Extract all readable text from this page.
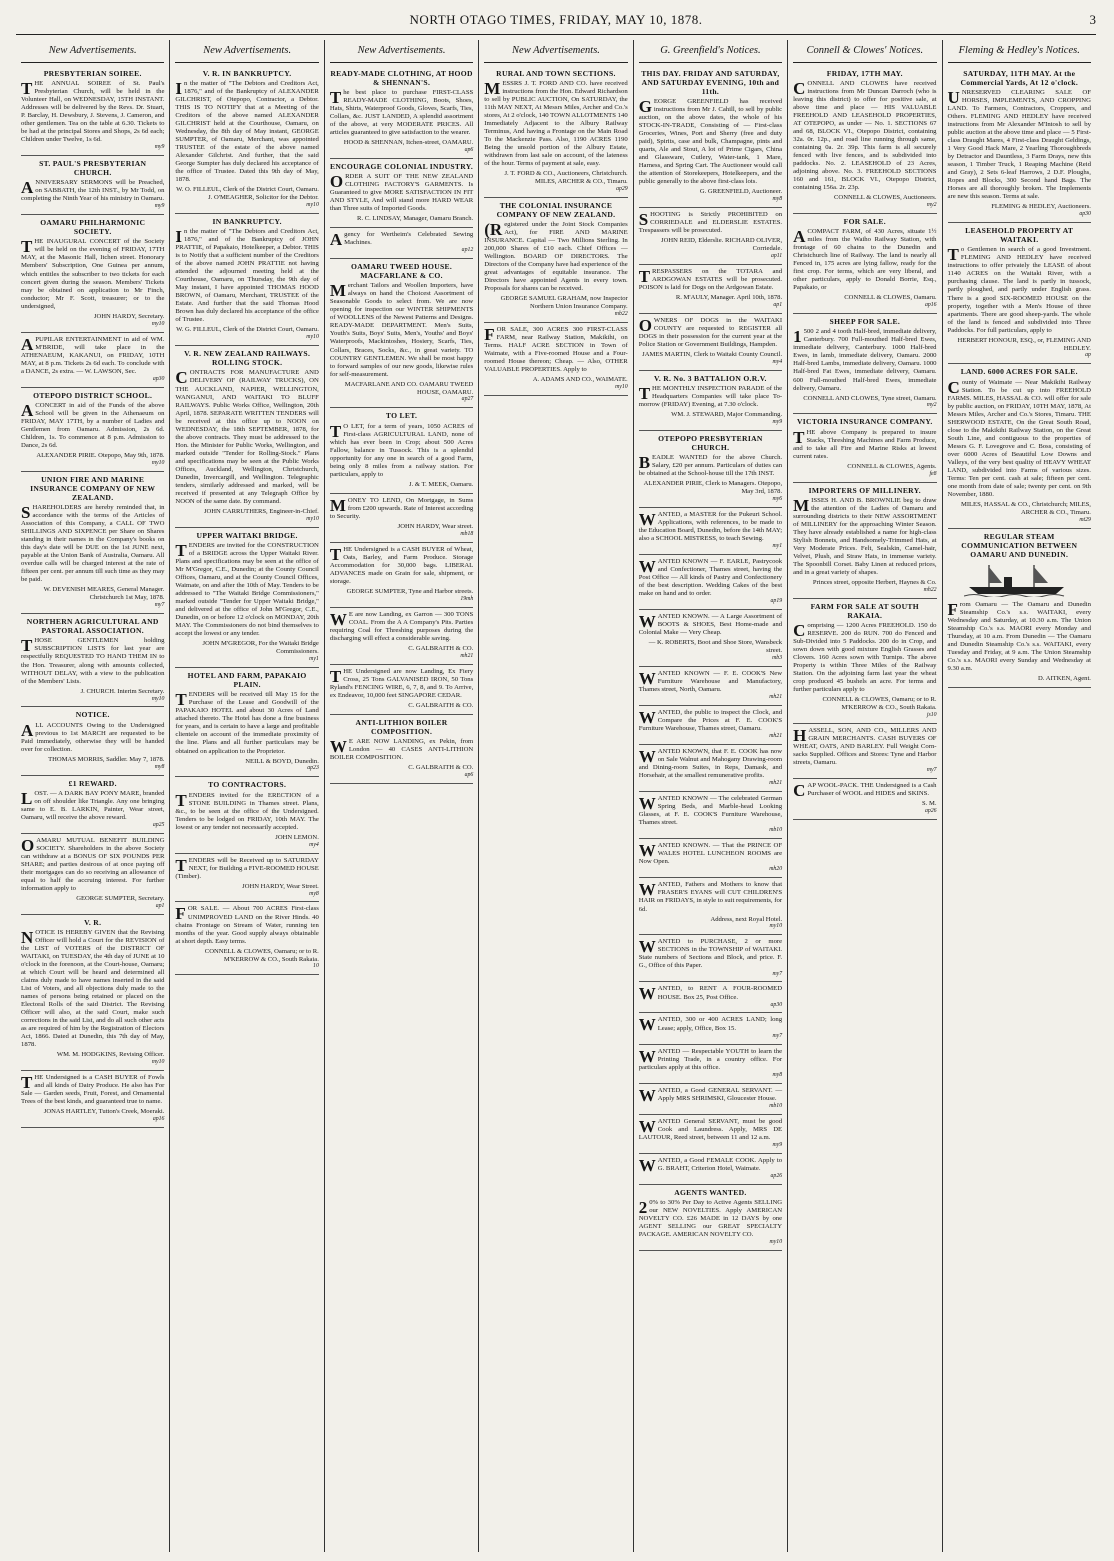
NORTH OTAGO TIMES, FRIDAY, MAY 10, 1878.	3
New Advertisements.
PRESBYTERIAN SOIREE.
THE ANNUAL SOIREE of St. Paul's Presbyterian Church, will be held in the Volunteer Hall, on WEDNESDAY, 15TH INSTANT. Addresses will be delivered by the Revs. Dr. Stuart, P. Barclay, H. Dewsbury, J. Stevens, J. Cameron, and other gentlemen. Tea on the table at 6.30. Tickets to be had at the principal Stores and Shops, 2s 6d each; Children under Twelve, 1s 6d.
my9
ST. PAUL'S PRESBYTERIAN CHURCH.
ANNIVERSARY SERMONS will be Preached, on SABBATH, the 12th INST., by Mr Todd, on completing the Ninth Year of his ministry in Oamaru.
my9
OAMARU PHILHARMONIC SOCIETY.
THE INAUGURAL CONCERT of the Society will be held on the evening of FRIDAY, 17TH MAY, at the Masonic Hall, Itchen street. Honorary Members' Subscription, One Guinea per annum, which entitles the subscriber to two tickets for each concert given during the season. Members' Tickets may be obtained on application to Mr Finch, conductor; Mr F. Scott, treasurer; or to the undersigned,
JOHN HARDY, Secretary.
my10
APUPILAR ENTERTAINMENT in aid of WM. M'BRIDE, will take place in the ATHENAEUM, KAKANUI, on FRIDAY, 10TH MAY, at 8 p.m. Tickets 2s 6d each. To conclude with a DANCE, 2s extra. — W. LAWSON, Sec.
ap30
OTEPOPO DISTRICT SCHOOL.
ACONCERT in aid of the Funds of the above School will be given in the Athenaeum on FRIDAY, MAY 17TH, by a number of Ladies and Gentlemen from Oamaru. Admission, 2s 6d. Children, 1s. To commence at 8 p.m. Admission to Dance, 2s 6d.
ALEXANDER PIRIE. Otepopo, May 9th, 1878.
my10
UNION FIRE AND MARINE INSURANCE COMPANY OF NEW ZEALAND.
SHAREHOLDERS are hereby reminded that, in accordance with the terms of the Articles of Association of this Company, a CALL OF TWO SHILLINGS AND SIXPENCE per Share on Shares standing in their names in the Company's books on this day's date will be DUE on the 1st JUNE next, payable at the Union Bank of Australia, Oamaru. All overdue calls will be charged interest at the rate of fifteen per cent. per annum till such time as they may be paid.
W. DEVENISH MEARES, General Manager. Christchurch 1st May, 1878.
my7
NORTHERN AGRICULTURAL AND PASTORAL ASSOCIATION.
THOSE GENTLEMEN holding SUBSCRIPTION LISTS for last year are respectfully REQUESTED TO HAND THEM IN to the Hon. Treasurer, along with amounts collected, WITHOUT DELAY, with a view to the publication of the Members' Lists.
J. CHURCH. Interim Secretary.
my10
NOTICE.
ALL ACCOUNTS Owing to the Undersigned previous to 1st MARCH are requested to be Paid immediately, otherwise they will be handed over for collection.
THOMAS MORRIS, Saddler. May 7, 1878.
my8
£1 REWARD.
LOST. — A DARK BAY PONY MARE, branded on off shoulder like Triangle. Any one bringing same to E. B. LARKIN, Painter, Wear street, Oamaru, will receive the above reward.
ap25
OAMARU MUTUAL BENEFIT BUILDING SOCIETY. Shareholders in the above Society can withdraw at a BONUS OF SIX POUNDS PER SHARE; and parties desirous of at once paying off their mortgages can do so receiving an allowance of equal to half the accruing interest. For further information apply to
GEORGE SUMPTER, Secretary.
ap1
V. R.
NOTICE IS HEREBY GIVEN that the Revising Officer will hold a Court for the REVISION of the LIST of VOTERS of the DISTRICT OF WAITAKI, on TUESDAY, the 4th day of JUNE at 10 o'clock in the forenoon, at the Court-house, Oamaru; at which Court will be heard and determined all claims duly made to have names inserted in the said List of Voters, and all objections duly made to the names of persons being retained or placed on the Electoral Rolls of the said District. The Revising Officer will also, at the said Court, make such corrections in the said List, and do all such other acts as are required of him by the Registration of Electors Act, 1866. Dated at Dunedin, this 7th day of May, 1878.
WM. M. HODGKINS, Revising Officer.
my10
THE Undersigned is a CASH BUYER of Fowls and all kinds of Dairy Produce. He also has For Sale — Garden seeds, Fruit, Forest, and Ornamental Trees of the best kinds, and guaranteed true to name.
JONAS HARTLEY, Tutton's Creek, Moeraki.
ap16
New Advertisements.
V. R. IN BANKRUPTCY.
In the matter of "The Debtors and Creditors Act, 1876," and of the Bankruptcy of ALEXANDER GILCHRIST, of Otepopo, Contractor, a Debtor. THIS IS TO NOTIFY that at a Meeting of the Creditors of the above named ALEXANDER GILCHRIST held at the Courthouse, Oamaru, on Wednesday, the 8th day of May instant, GEORGE SUMPTER, of Oamaru, Merchant, was appointed TRUSTEE of the estate of the above named Alexander Gilchrist. And further, that the said George Sumpter has duly declared his acceptance of the office of Trustee. Dated this 9th day of May, 1878.
W. O. FILLEUL, Clerk of the District Court, Oamaru. J. O'MEAGHER, Solicitor for the Debtor.
my10
IN BANKRUPTCY.
In the matter of "The Debtors and Creditors Act, 1876," and of the Bankruptcy of JOHN PRATTIE, of Papakaio, Hotelkeeper, a Debtor. THIS is to Notify that a sufficient number of the Creditors of the above named JOHN PRATTIE not having attended the adjourned meeting held at the Courthouse, Oamaru, on Thursday, the 9th day of May instant, I have appointed THOMAS HOOD BROWN, of Oamaru, Merchant, TRUSTEE of the Estate. And further that the said Thomas Hood Brown has duly declared his acceptance of the office of Trustee.
W. G. FILLEUL, Clerk of the District Court, Oamaru.
my10
V. R. NEW ZEALAND RAILWAYS. ROLLING STOCK.
CONTRACTS FOR MANUFACTURE AND DELIVERY OF (RAILWAY TRUCKS), ON THE AUCKLAND, NAPIER, WELLINGTON, WANGANUI, AND WAITAKI TO BLUFF RAILWAYS. Public Works Office, Wellington, 20th April, 1878. SEPARATE WRITTEN TENDERS will be received at this office up to NOON on WEDNESDAY, the 18th SEPTEMBER, 1878, for the above contracts. They must be addressed to the Hon. the Minister for Public Works, Wellington, and marked outside "Tender for Rolling-Stock." Plans and specifications may be seen at the Public Works Offices, Auckland, Wellington, Christchurch, Dunedin, Invercargill, and Wellington. Telegraphic tenders, similarly addressed and marked, will be received if presented at any Telegraph Office by NOON of the same date. By command.
JOHN CARRUTHERS, Engineer-in-Chief.
my10
UPPER WAITAKI BRIDGE.
TENDERS are invited for the CONSTRUCTION of a BRIDGE across the Upper Waitaki River. Plans and specifications may be seen at the office of Mr M'Gregor, C.E., Dunedin; at the County Council Offices, Oamaru, and at the County Council Offices, Waimate, on and after the 10th of May. Tenders to be addressed to "The Waitaki Bridge Commissioners," marked outside "Tender for Upper Waitaki Bridge," and delivered at the office of John M'Gregor, C.E., Dunedin, on or before 12 o'clock on MONDAY, 20th MAY. The Commissioners do not bind themselves to accept the lowest or any tender.
JOHN M'GREGOR, For the Waitaki Bridge Commissioners.
my1
HOTEL AND FARM, PAPAKAIO PLAIN.
TENDERS will be received till May 15 for the Purchase of the Lease and Goodwill of the PAPAKAIO HOTEL and about 30 Acres of Land attached thereto. The Hotel has done a fine business for years, and is certain to have a large and profitable clientele on account of the immediate proximity of the line. Plans and all further particulars may be obtained on application to the Proprietor.
NEILL & BOYD, Dunedin.
ap23
TO CONTRACTORS.
TENDERS invited for the ERECTION of a STONE BUILDING in Thames street. Plans, &c., to be seen at the office of the Undersigned. Tenders to be lodged on FRIDAY, 10th MAY. The lowest or any tender not necessarily accepted.
JOHN LEMON.
my4
TENDERS will be Received up to SATURDAY NEXT, for Building a FIVE-ROOMED HOUSE (Timber).
JOHN HARDY, Wear Street.
my8
FOR SALE. — About 700 ACRES First-class UNIMPROVED LAND on the River Hinds. 40 chains Frontage on Stream of Water, running ten months of the year. Good supply always obtainable at short depth. Easy terms.
CONNELL & CLOWES, Oamaru; or to R. M'KERROW & CO., South Rakaia.
10
New Advertisements.
READY-MADE CLOTHING, AT HOOD & SHENNAN'S.
The best place to purchase FIRST-CLASS READY-MADE CLOTHING, Boots, Shoes, Hats, Shirts, Waterproof Goods, Gloves, Scarfs, Ties, Collars, &c. JUST LANDED, A splendid assortment of the above, at very MODERATE PRICES. All articles guaranteed to give satisfaction to the wearer.
HOOD & SHENNAN, Itchen-street, OAMARU.
ap6
ENCOURAGE COLONIAL INDUSTRY.
ORDER A SUIT OF THE NEW ZEALAND CLOTHING FACTORY'S GARMENTS. Is Guaranteed to give MORE SATISFACTION IN FIT AND STYLE, And will stand more HARD WEAR than Three suits of Imported Goods.
R. C. LINDSAY, Manager, Oamaru Branch.
Agency for Wertheim's Celebrated Sewing Machines.
ap12
OAMARU TWEED HOUSE. MACFARLANE & CO.
Merchant Tailors and Woollen Importers, have always on hand the Choicest Assortment of Seasonable Goods to select from. We are now opening for inspection our WINTER SHIPMENTS of WOOLLENS of the Newest Patterns and Designs. READY-MADE DEPARTMENT. Men's Suits, Youth's Suits, Boys' Suits, Men's, Youths' and Boys' Waterproofs, Mackintoshes, Hosiery, Scarfs, Ties, Collars, Braces, Socks, &c., in great variety. TO COUNTRY GENTLEMEN. We shall be most happy to forward samples of our new goods, likewise rules for self-measurement.
MACFARLANE AND CO. OAMARU TWEED HOUSE, OAMARU.
ap27
TO LET.
TO LET, for a term of years, 1050 ACRES of First-class AGRICULTURAL LAND, none of which has ever been in Crop; about 500 Acres Fallow, balance in Tussock. This is a splendid opportunity for any one in search of a good Farm, being only 8 miles from a railway station. For particulars, apply to
J. & T. MEEK, Oamaru.
MONEY TO LEND, On Mortgage, in Sums from £200 upwards. Rate of Interest according to Security.
JOHN HARDY, Wear street.
mb18
THE Undersigned is a CASH BUYER of Wheat, Oats, Barley, and Farm Produce. Storage Accommodation for 30,000 bags. LIBERAL ADVANCES made on Grain for sale, shipment, or storage.
GEORGE SUMPTER, Tyne and Harbor streets.
19mh
WE are now Landing, ex Garron — 300 TONS COAL. From the A A Company's Pits. Parties requiring Coal for Threshing purposes during the discharging will effect a considerable saving.
C. GALBRAITH & CO.
mh21
THE Undersigned are now Landing, Ex Fiery Cross, 25 Tons GALVANISED IRON, 50 Tons Ryland's FENCING WIRE, 6, 7, 8, and 9. To Arrive, ex Endeavor, 10,000 feet SINGAPORE CEDAR.
C. GALBRAITH & CO.
ANTI-LITHION BOILER COMPOSITION.
WE ARE NOW LANDING, ex Pekin, from London — 40 CASES ANTI-LITHION BOILER COMPOSITION.
C. GALBRAITH & CO.
ap6
New Advertisements.
RURAL AND TOWN SECTIONS.
MESSRS J. T. FORD AND CO. have received instructions from the Hon. Edward Richardson to sell by PUBLIC AUCTION, On SATURDAY, the 11th MAY NEXT, At Messrs Miles, Archer and Co.'s stores, At 2 o'clock, 140 TOWN ALLOTMENTS 140 Immediately Adjacent to the Albury Railway Terminus, And having a Frontage on the Main Road To the Mackenzie Pass. Also, 1190 ACRES 1190 Being the unsold portion of the Albury Estate, withdrawn from last sale on account, of the lateness of the hour. Terms of payment at sale, easy.
J. T. FORD & CO., Auctioneers, Christchurch. MILES, ARCHER & CO., Timaru.
ap29
THE COLONIAL INSURANCE COMPANY OF NEW ZEALAND.
(Registered under the Joint Stock Companies Act), for FIRE AND MARINE INSURANCE. Capital — Two Millions Sterling. In 200,000 Shares of £10 each. Chief Offices — Wellington. BOARD OF DIRECTORS. The Directors of the Company have had experience of the great advantages of equitable insurance. The Directors have appointed Agents in every town. Proposals for shares can be received.
GEORGE SAMUEL GRAHAM, now Inspector Northern Union Insurance Company.
mb22
FOR SALE, 300 ACRES 300 FIRST-CLASS FARM, near Railway Station, Makikihi, on Terms. HALF ACRE SECTION in Town of Waimate, with a Five-roomed House and a Four-roomed House thereon; Cheap. — Also, OTHER VALUABLE PROPERTIES. Apply to
A. ADAMS AND CO., WAIMATE.
my10
G. Greenfield's Notices.
THIS DAY. FRIDAY AND SATURDAY, AND SATURDAY EVENING, 10th and 11th.
GEORGE GREENFIELD has received instructions from Mr J. Cahill, to sell by public auction, on the above dates, the whole of his STOCK-IN-TRADE, Consisting of — First-class Groceries, Wines, Port and Sherry (free and duty paid), Spirits, case and bulk, Champagne, pints and quarts, Ale and Stout, A lot of Prime Cigars, China and Glassware, Cutlery, Water-tank, 1 Mare, Harness, and Spring Cart. The Auctioneer would call the attention of Storekeepers, Hotelkeepers, and the public generally to the above first-class lots.
G. GREENFIELD, Auctioneer.
my8
SHOOTING is Strictly PROHIBITED on CORRIEDALE and ELDERSLIE ESTATES. Trespassers will be prosecuted.
JOHN REID, Elderslie. RICHARD OLIVER, Corriedale.
ap11
TRESPASSERS on the TOTARA and ARDGOWAN ESTATES will be prosecuted. POISON is laid for Dogs on the Ardgowan Estate.
R. M'AULY, Manager. April 10th, 1878.
ap1
OWNERS OF DOGS in the WAITAKI COUNTY are requested to REGISTER all DOGS in their possession for the current year at the Police Station or Government Buildings, Hampden.
JAMES MARTIN, Clerk to Waitaki County Council.
my4
V. R. No. 3 BATTALION O.R.V.
THE MONTHLY INSPECTION PARADE of the Headquarters Companies will take place To-morrow (FRIDAY) Evening, at 7.30 o'clock.
WM. J. STEWARD, Major Commanding.
my9
OTEPOPO PRESBYTERIAN CHURCH.
BEADLE WANTED for the above Church. Salary, £20 per annum. Particulars of duties can be obtained at the School-house till the 17th INST.
ALEXANDER PIRIE, Clerk to Managers. Otepopo, May 3rd, 1878.
my6
WANTED, a MASTER for the Pukeuri School. Applications, with references, to be made to the Education Board, Dunedin, before the 14th MAY; also a SCHOOL MISTRESS, to teach Sewing.
my1
WANTED KNOWN — F. EARLE, Pastrycook and Confectioner, Thames street, having the Post Office — All kinds of Pastry and Confectionery of the best description. Wedding Cakes of the best make on hand and to order.
ap19
WANTED KNOWN. — A Large Assortment of BOOTS & SHOES, Best Home-made and Colonial Make — Very Cheap.
— K. ROBERTS, Boot and Shoe Store, Wansbeck street.
mb3
WANTED KNOWN — F. E. COOK'S New Furniture Warehouse and Manufactory, Thames street, North, Oamaru.
mh21
WANTED, the public to inspect the Clock, and Compare the Prices at F. E. COOK'S Furniture Warehouse, Thames street, Oamaru.
mh21
WANTED KNOWN, that F. E. COOK has now on Sale Walnut and Mahogany Drawing-room and Dining-room Suites, in Reps, Damask, and Horsehair, at the smallest remunerative profits.
mh21
WANTED KNOWN — The celebrated German Spring Beds, and Marble-head Looking Glasses, at F. E. COOK'S Furniture Warehouse, Thames street.
mb10
WANTED KNOWN. — That the PRINCE OF WALES HOTEL LUNCHEON ROOMS are Now Open.
mh20
WANTED, Fathers and Mothers to know that FRASER'S EYANS will CUT CHILDREN'S HAIR on FRIDAYS, in style to suit requirements, for 6d.
Address, next Royal Hotel.
my10
WANTED to PURCHASE, 2 or more SECTIONS in the TOWNSHIP of WAITAKI. State numbers of Sections and Block, and price. F. G., Office of this Paper.
my7
WANTED, to RENT A FOUR-ROOMED HOUSE. Box 25, Post Office.
ap30
WANTED, 300 or 400 ACRES LAND; long Lease; apply, Office, Box 15.
my7
WANTED — Respectable YOUTH to learn the Printing Trade, in a country office. For particulars apply at this office.
my8
WANTED, a Good GENERAL SERVANT. — Apply MRS SHRIMSKI, Gloucester House.
mb10
WANTED General SERVANT, must be good Cook and Laundress. Apply, MRS DE LAUTOUR, Reed street, between 11 and 12 a.m.
my9
WANTED, a Good FEMALE COOK. Apply to G. BRAHT, Criterion Hotel, Waimate.
ap26
AGENTS WANTED.
20% to 30% Per Day to Active Agents SELLING our NEW NOVELTIES. Apply AMERICAN NOVELTY CO. £26 MADE in 12 DAYS by one AGENT SELLING our GREAT SPECIALTY PACKAGE. AMERICAN NOVELTY CO.
my10
Connell & Clowes' Notices.
FRIDAY, 17TH MAY.
CONNELL AND CLOWES have received instructions from Mr Duncan Darroch (who is leaving this district) to offer for positive sale, at above time and place — HIS VALUABLE FREEHOLD AND LEASEHOLD PROPERTIES, AT OTEPOPO, as under — No. 1. SECTIONS 67 and 68, BLOCK VI., Otepopo District, containing 32a. 0r. 12p., and road line running through same, containing 0a. 2r. 39p. This farm is all securely fenced with live fences, and is subdivided into paddocks. No. 2. LEASEHOLD of 23 Acres, adjoining above. No. 3. FREEHOLD SECTIONS 160 and 161, BLOCK VI., Otepopo District, containing 156a. 2r. 23p.
CONNELL & CLOWES, Auctioneers.
my2
FOR SALE.
ACOMPACT FARM, of 430 Acres, situate 1½ miles from the Waiho Railway Station, with frontage of 60 chains to the Dunedin and Christchurch line of Railway. The land is nearly all Fenced in, 175 acres are lying fallow, ready for the first crop. For terms, which are very liberal, and other particulars, apply to Donald Borrie, Esq., Papakaio, or
CONNELL & CLOWES, Oamaru.
ap16
SHEEP FOR SALE.
1500 2 and 4 tooth Half-bred, immediate delivery, Canterbury. 700 Full-mouthed Half-bred Ewes, immediate delivery, Canterbury. 1000 Half-bred Ewes, in lamb, immediate delivery, Oamaru. 2000 Half-bred Lambs, immediate delivery, Oamaru. 1000 Half-bred Fat Ewes, immediate delivery, Oamaru. 600 Full-mouthed Half-bred Ewes, immediate delivery, Oamaru.
CONNELL AND CLOWES, Tyne street, Oamaru.
my2
VICTORIA INSURANCE COMPANY.
THE above Company is prepared to insure Stacks, Threshing Machines and Farm Produce, and to take all Fire and Marine Risks at lowest current rates.
CONNELL & CLOWES, Agents.
fe8
IMPORTERS OF MILLINERY.
MISSES H. AND B. BROWNLIE beg to draw the attention of the Ladies of Oamaru and surrounding districts to their NEW ASSORTMENT of MILLINERY for the approaching Winter Season. They have already established a name for high-class Stylish Bonnets, and Handsomely-Trimmed Hats, at Very Moderate Prices. Felt, Sealskin, Camel-hair, Velvet, Plush, and Straw Hats, in immense variety. The Spoonbill Corset. Baby Linen at reduced prices, and in a great variety of shapes.
Princes street, opposite Herbert, Haynes & Co.
mh22
FARM FOR SALE AT SOUTH RAKAIA.
Comprising — 1200 Acres FREEHOLD. 150 do RESERVE. 200 do RUN. 700 do Fenced and Sub-Divided into 5 Paddocks. 200 do in Crop, and sown down with good mixture English Grasses and Clovers. 160 Acres sown with Turnips. The above Property is within Three Miles of the Railway Station. On the adjoining farm last year the wheat crop produced 45 bushels an acre. For terms and further particulars apply to
CONNELL & CLOWES, Oamaru; or to R. M'KERROW & CO., South Rakaia.
js10
HASSELL, SON, AND CO., MILLERS AND GRAIN MERCHANTS. CASH BUYERS OF WHEAT, OATS, AND BARLEY. Full Weight Corn-sacks Supplied. Offices and Stores: Tyne and Harbor streets, Oamaru.
my7
CAP WOOL-PACK. THE Undersigned is a Cash Purchaser of WOOL and HIDES and SKINS.
S. M.
ap26
Fleming & Hedley's Notices.
SATURDAY, 11TH MAY. At the Commercial Yards, At 12 o'clock.
UNRESERVED CLEARING SALE OF HORSES, IMPLEMENTS, AND CROPPING LAND. To Farmers, Contractors, Croppers, and Others. FLEMING AND HEDLEY have received instructions from Mr Alexander M'Intosh to sell by public auction at the above time and place — 5 First-class Draught Mares, 4 First-class Draught Geldings, 1 Very Good Hack Mare, 2 Yearling Thoroughbreds by Detractor and Dauntless, 3 Farm Drays, new this season, 1 Timber Truck, 1 Reaping Machine (Reid and Gray), 2 Sets 6-leaf Harrows, 2 D.F. Ploughs, Ropes and Blocks, 300 Second hand Bags. The Horses are all thoroughly broken. The Implements are new this season. Terms at sale.
FLEMING & HEDLEY, Auctioneers.
ap30
LEASEHOLD PROPERTY AT WAITAKI.
To Gentlemen in search of a good Investment. FLEMING AND HEDLEY have received instructions to offer privately the LEASE of about 1140 ACRES on the Waitaki River, with a purchasing clause. The land is partly in tussock, partly ploughed, and partly under English grass. There is a good SIX-ROOMED HOUSE on the property, together with a Men's House of three apartments. There are good sheep-yards. The whole of the land is fenced and subdivided into Three Paddocks. For full particulars, apply to
HERBERT HONOUR, ESQ., or, FLEMING AND HEDLEY.
ap
LAND. 6000 ACRES FOR SALE.
County of Waimate — Near Makikihi Railway Station. To be cut up into FREEHOLD FARMS. MILES, HASSAL & CO. will offer for sale by public auction, on FRIDAY, 10TH MAY, 1878, At Messrs Miles, Archer and Co.'s Stores, Timaru. THE SHERWOOD ESTATE, On the Great South Road, close to the Makikihi Railway Station, on the Great South Line, and contiguous to the properties of Messrs G. F. Lovegrove and C. Boss, consisting of over 6000 Acres of Beautiful Low Downs and Valleys, of the very best quality of HEAVY WHEAT LAND, subdivided into Farms of various sizes. Terms: Ten per cent. cash at sale; fifteen per cent. one month from date of sale; twenty per cent. on 9th November, 1880.
MILES, HASSAL & CO., Christchurch; MILES, ARCHER & CO., Timaru.
mt29
REGULAR STEAM COMMUNICATION BETWEEN OAMARU AND DUNEDIN.
From Oamaru — The Oamaru and Dunedin Steamship Co.'s s.s. WAITAKI, every Wednesday and Saturday, at 10.30 a.m. The Union Steamship Co.'s s.s. MAORI every Monday and Thursday, at 10 a.m. From Dunedin — The Oamaru and Dunedin Steamship Co.'s s.s. WAITAKI, every Tuesday and Friday, at 9 a.m. The Union Steamship Co.'s s.s. MAORI every Sunday and Wednesday at 9.30 a.m.
D. AITKEN, Agent.
